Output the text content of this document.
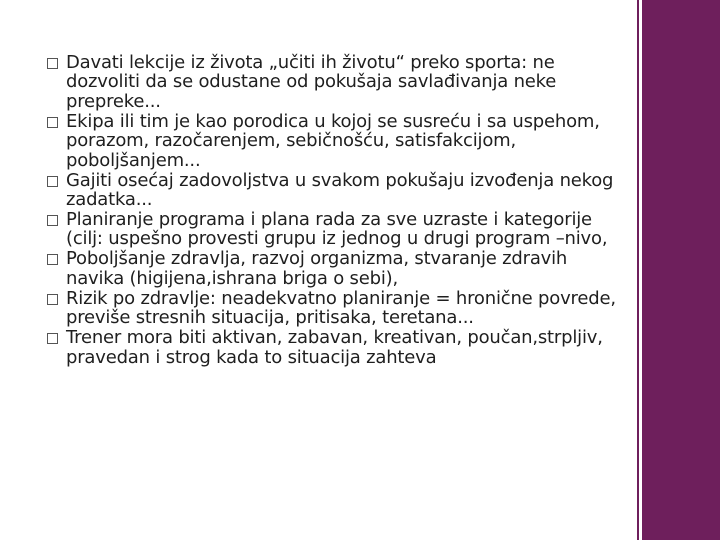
Davati lekcije iz života „učiti ih životu“ preko sporta: ne dozvoliti da se odustane od pokušaja savlađivanja neke prepreke...
Ekipa ili tim je kao porodica u kojoj se susreću i sa uspehom, porazom, razočarenjem, sebičnošću, satisfakcijom, poboljšanjem...
Gajiti osećaj zadovoljstva u svakom pokušaju izvođenja nekog zadatka...
Planiranje programa i plana rada za sve uzraste i kategorije (cilj: uspešno provesti grupu iz jednog u drugi program –nivo,
Poboljšanje zdravlja, razvoj organizma, stvaranje zdravih navika (higijena,ishrana briga o sebi),
Rizik po zdravlje: neadekvatno planiranje = hronične povrede, previše stresnih situacija, pritisaka, teretana...
Trener mora biti aktivan, zabavan, kreativan, poučan,strpljiv, pravedan i strog kada to situacija zahteva
